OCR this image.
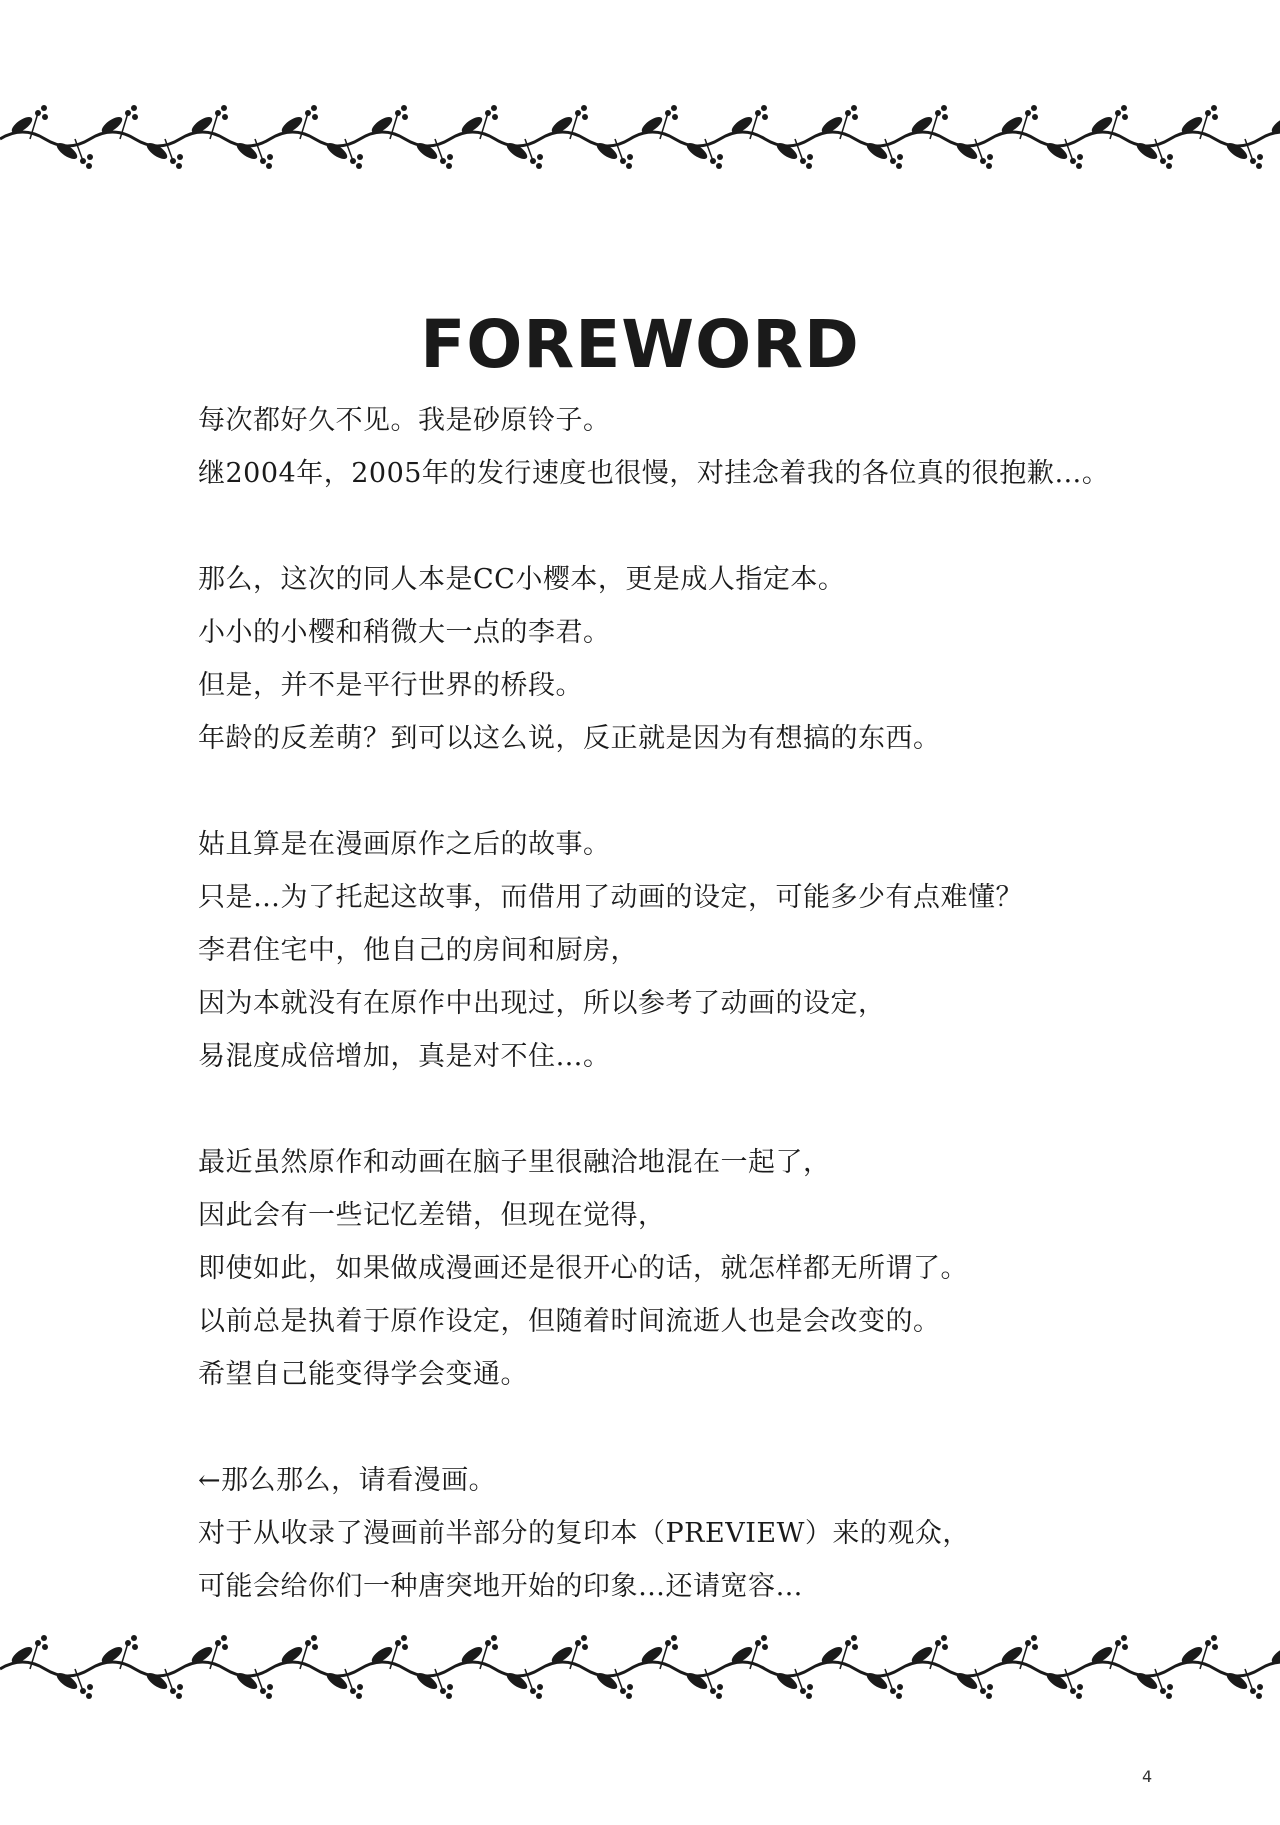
FOREWORD
每次都好久不见。我是砂原铃子。
继2004年，2005年的发行速度也很慢，对挂念着我的各位真的很抱歉…。
那么，这次的同人本是CC小樱本，更是成人指定本。
小小的小樱和稍微大一点的李君。
但是，并不是平行世界的桥段。
年龄的反差萌？到可以这么说，反正就是因为有想搞的东西。
姑且算是在漫画原作之后的故事。
只是…为了托起这故事，而借用了动画的设定，可能多少有点难懂？
李君住宅中，他自己的房间和厨房，
因为本就没有在原作中出现过，所以参考了动画的设定，
易混度成倍增加，真是对不住…。
最近虽然原作和动画在脑子里很融洽地混在一起了，
因此会有一些记忆差错，但现在觉得，
即使如此，如果做成漫画还是很开心的话，就怎样都无所谓了。
以前总是执着于原作设定，但随着时间流逝人也是会改变的。
希望自己能变得学会变通。
←那么那么，请看漫画。
对于从收录了漫画前半部分的复印本（PREVIEW）来的观众，
可能会给你们一种唐突地开始的印象…还请宽容…
4
